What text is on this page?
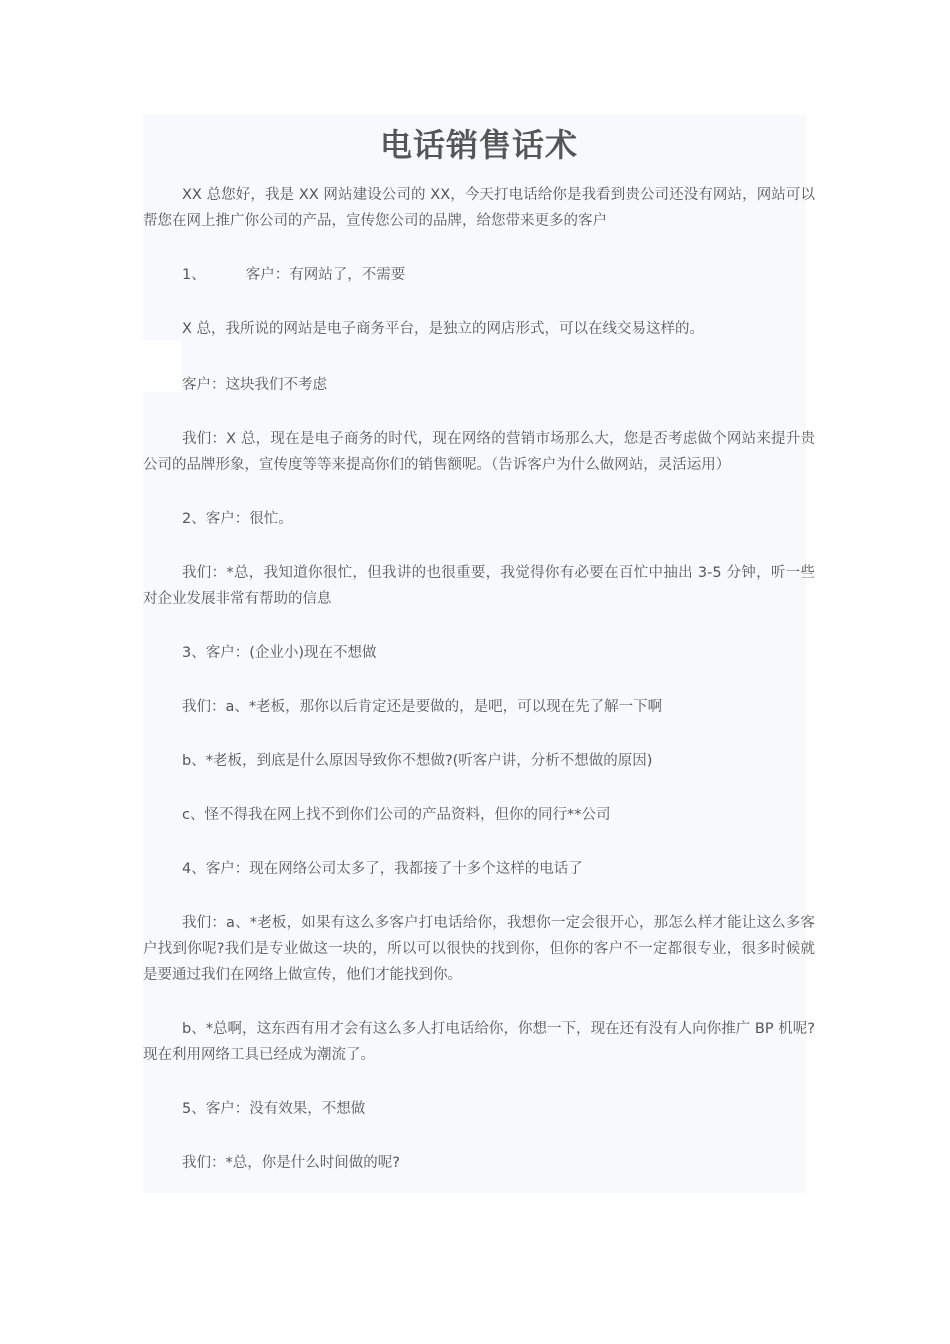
电话销售话术

XX 总您好，我是 XX 网站建设公司的 XX，今天打电话给你是我看到贵公司还没有网站，网站可以帮您在网上推广你公司的产品，宣传您公司的品牌，给您带来更多的客户

1、	客户：有网站了，不需要

X 总，我所说的网站是电子商务平台，是独立的网店形式，可以在线交易这样的。

客户：这块我们不考虑

我们：X 总，现在是电子商务的时代，现在网络的营销市场那么大，您是否考虑做个网站来提升贵公司的品牌形象，宣传度等等来提高你们的销售额呢。（告诉客户为什么做网站，灵活运用）

2、客户：很忙。

我们：*总，我知道你很忙，但我讲的也很重要，我觉得你有必要在百忙中抽出 3-5 分钟，听一些对企业发展非常有帮助的信息

3、客户：(企业小)现在不想做

我们：a、*老板，那你以后肯定还是要做的，是吧，可以现在先了解一下啊

b、*老板，到底是什么原因导致你不想做?(听客户讲，分析不想做的原因)

c、怪不得我在网上找不到你们公司的产品资料，但你的同行**公司

4、客户：现在网络公司太多了，我都接了十多个这样的电话了

我们：a、*老板，如果有这么多客户打电话给你，我想你一定会很开心，那怎么样才能让这么多客户找到你呢?我们是专业做这一块的，所以可以很快的找到你，但你的客户不一定都很专业，很多时候就是要通过我们在网络上做宣传，他们才能找到你。

b、*总啊，这东西有用才会有这么多人打电话给你，你想一下，现在还有没有人向你推广 BP 机呢?现在利用网络工具已经成为潮流了。

5、客户：没有效果，不想做

我们：*总，你是什么时间做的呢?
